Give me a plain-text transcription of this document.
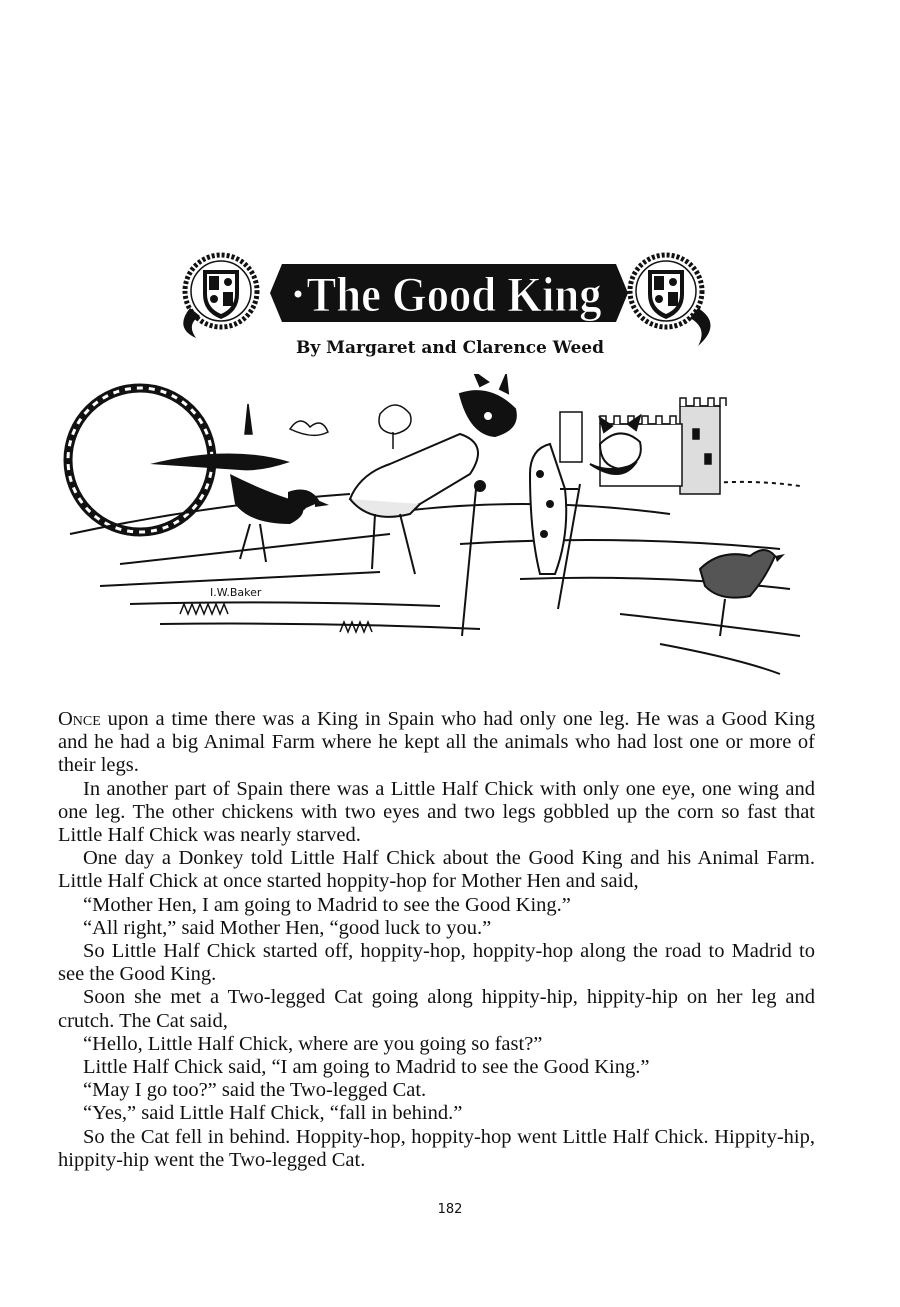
The Good King
By Margaret and Clarence Weed
I.W.Baker

Once upon a time there was a King in Spain who had only one leg. He was a Good King and he had a big Animal Farm where he kept all the animals who had lost one or more of their legs.

In another part of Spain there was a Little Half Chick with only one eye, one wing and one leg. The other chickens with two eyes and two legs gobbled up the corn so fast that Little Half Chick was nearly starved.

One day a Donkey told Little Half Chick about the Good King and his Animal Farm. Little Half Chick at once started hoppity-hop for Mother Hen and said,

“Mother Hen, I am going to Madrid to see the Good King.”

“All right,” said Mother Hen, “good luck to you.”

So Little Half Chick started off, hoppity-hop, hoppity-hop along the road to Madrid to see the Good King.

Soon she met a Two-legged Cat going along hippity-hip, hippity-hip on her leg and crutch. The Cat said,

“Hello, Little Half Chick, where are you going so fast?”

Little Half Chick said, “I am going to Madrid to see the Good King.”

“May I go too?” said the Two-legged Cat.

“Yes,” said Little Half Chick, “fall in behind.”

So the Cat fell in behind. Hoppity-hop, hoppity-hop went Little Half Chick. Hippity-hip, hippity-hip went the Two-legged Cat.

182
